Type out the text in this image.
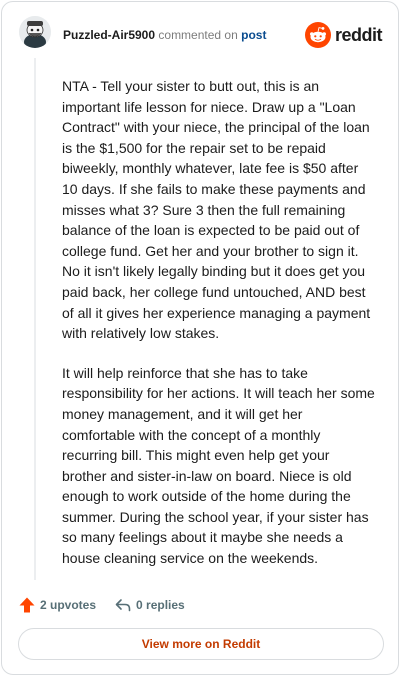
Puzzled-Air5900 commented on post	reddit

NTA - Tell your sister to butt out, this is an important life lesson for niece. Draw up a "Loan Contract" with your niece, the principal of the loan is the $1,500 for the repair set to be repaid biweekly, monthly whatever, late fee is $50 after 10 days. If she fails to make these payments and misses what 3? Sure 3 then the full remaining balance of the loan is expected to be paid out of college fund. Get her and your brother to sign it. No it isn't likely legally binding but it does get you paid back, her college fund untouched, AND best of all it gives her experience managing a payment with relatively low stakes.

It will help reinforce that she has to take responsibility for her actions. It will teach her some money management, and it will get her comfortable with the concept of a monthly recurring bill. This might even help get your brother and sister-in-law on board. Niece is old enough to work outside of the home during the summer. During the school year, if your sister has so many feelings about it maybe she needs a house cleaning service on the weekends.

2 upvotes	0 replies
View more on Reddit
